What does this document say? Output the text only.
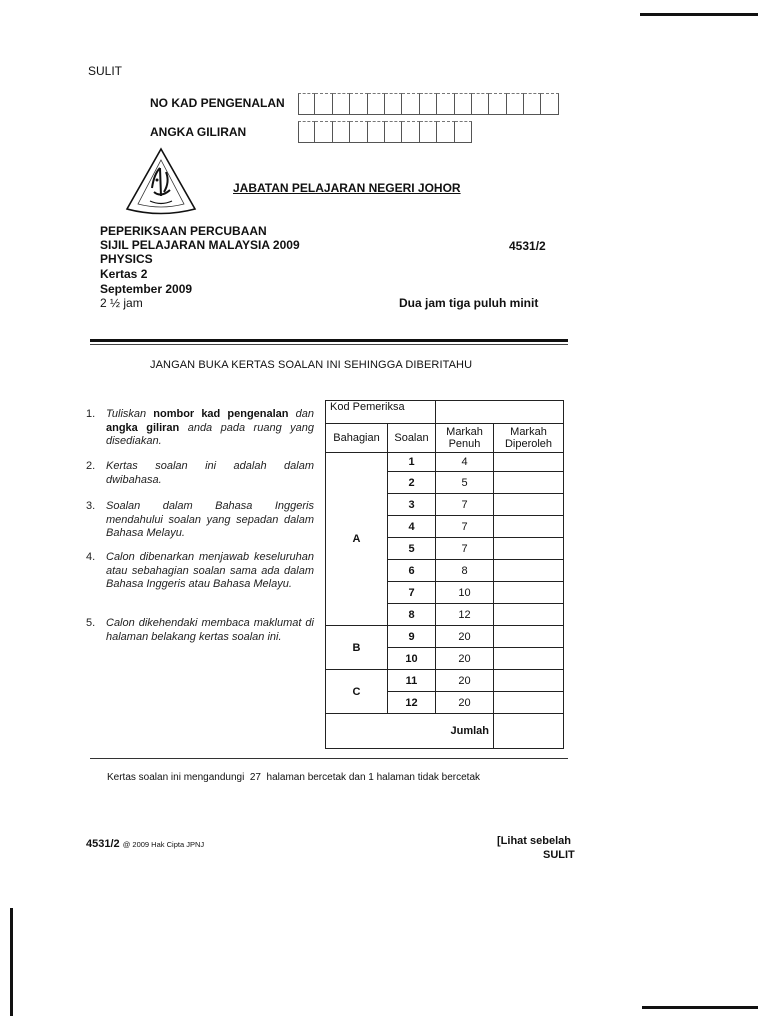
SULIT
NO KAD PENGENALAN
ANGKA GILIRAN
JABATAN PELAJARAN NEGERI JOHOR
PEPERIKSAAN PERCUBAAN
SIJIL PELAJARAN MALAYSIA 2009
PHYSICS
Kertas 2
September 2009
2 ½ jam
4531/2
Dua jam tiga puluh minit
JANGAN BUKA KERTAS SOALAN INI SEHINGGA DIBERITAHU
1. Tuliskan nombor kad pengenalan dan angka giliran anda pada ruang yang disediakan.
2. Kertas soalan ini adalah dalam dwibahasa.
3. Soalan dalam Bahasa Inggeris mendahului soalan yang sepadan dalam Bahasa Melayu.
4. Calon dibenarkan menjawab keseluruhan atau sebahagian soalan sama ada dalam Bahasa Inggeris atau Bahasa Melayu.
5. Calon dikehendaki membaca maklumat di halaman belakang kertas soalan ini.
Kod Pemeriksa			
Bahagian	Soalan	Markah Penuh	Markah Diperoleh
A	1	4	
	2	5	
	3	7	
	4	7	
	5	7	
	6	8	
	7	10	
	8	12	
B	9	20	
	10	20	
C	11	20	
	12	20	
Jumlah			
Kertas soalan ini mengandungi  27  halaman bercetak dan 1 halaman tidak bercetak
4531/2 @ 2009 Hak Cipta JPNJ	[Lihat sebelah
SULIT
